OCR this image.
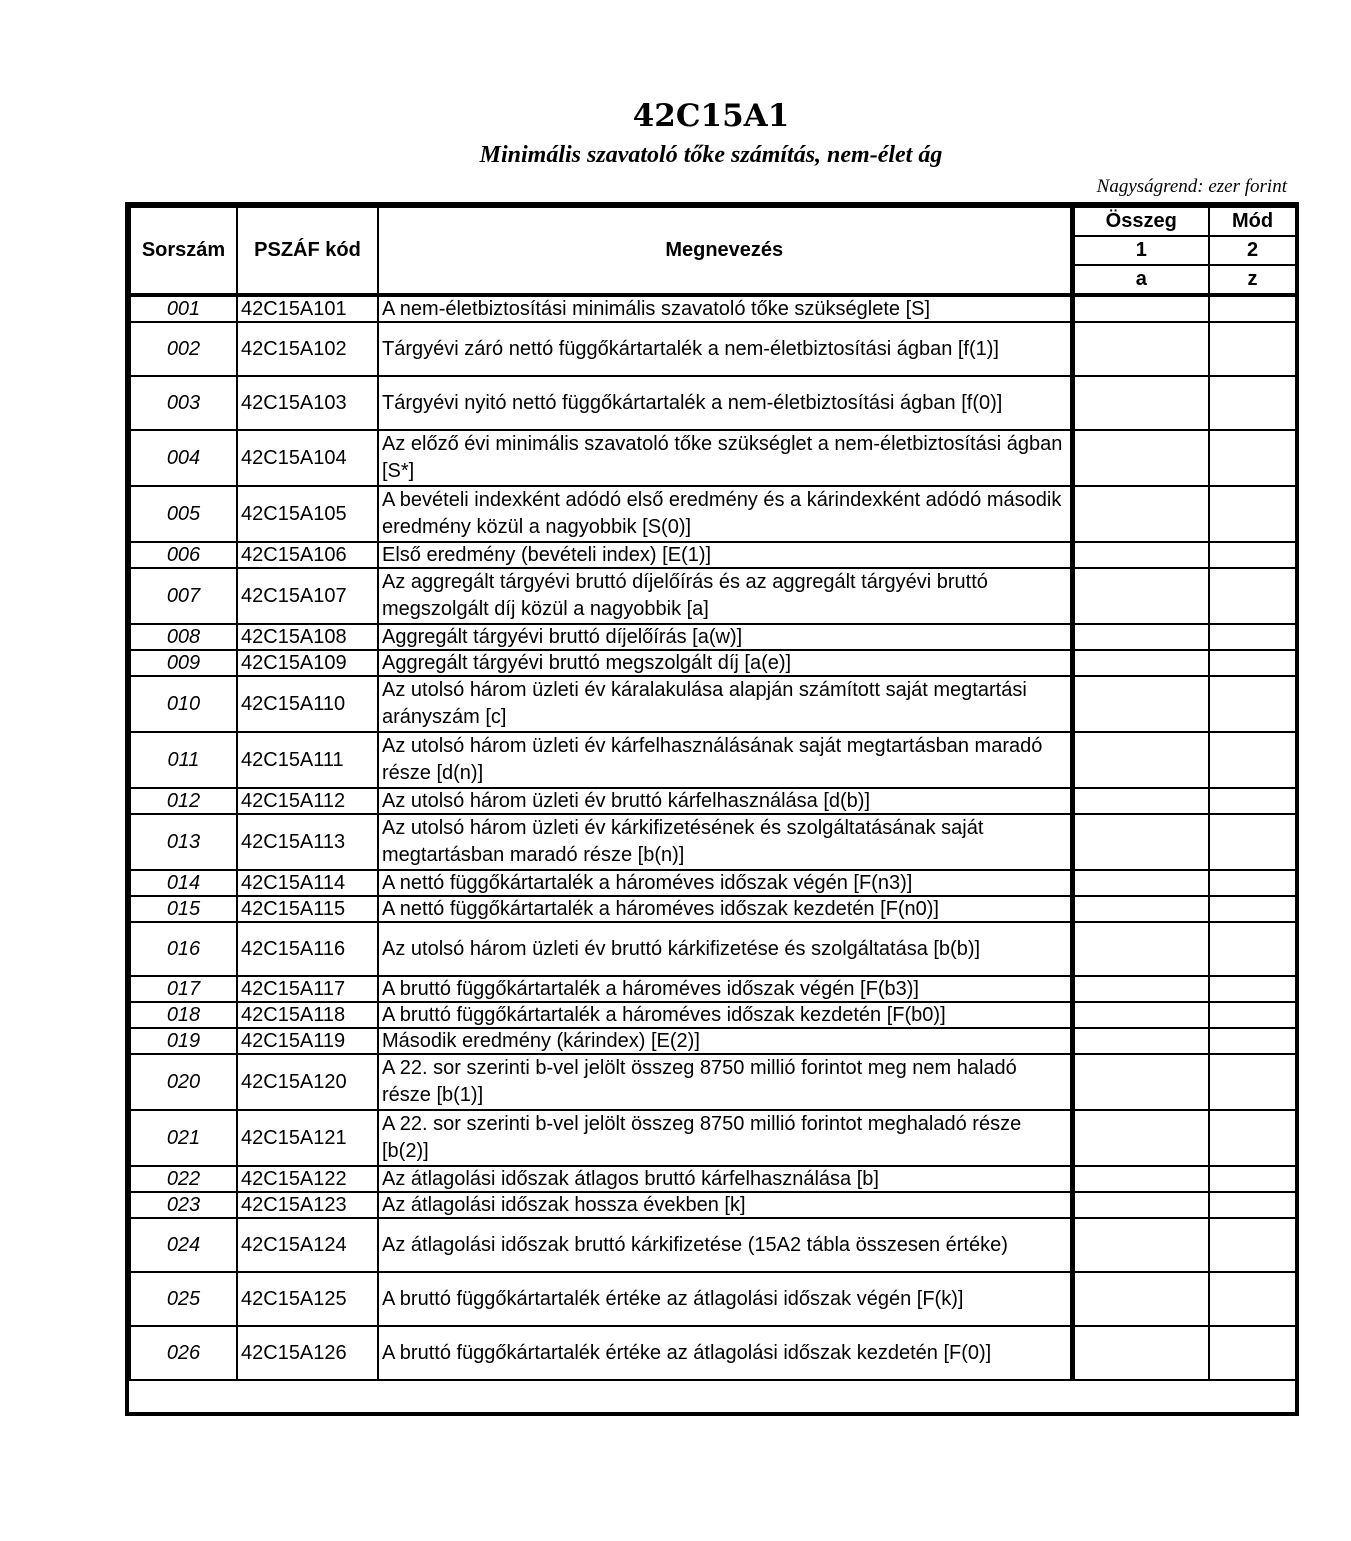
42C15A1
Minimális szavatoló tőke számítás, nem-élet ág
Nagyságrend: ezer forint
Sorszám	PSZÁF kód	Megnevezés	Összeg	Mód
			1	2
			a	z
001	42C15A101	A nem-életbiztosítási minimális szavatoló tőke szükséglete [S]		
002	42C15A102	Tárgyévi záró nettó függőkártartalék a nem-életbiztosítási ágban [f(1)]		
003	42C15A103	Tárgyévi nyitó nettó függőkártartalék a nem-életbiztosítási ágban [f(0)]		
004	42C15A104	Az előző évi minimális szavatoló tőke szükséglet a nem-életbiztosítási ágban [S*]		
005	42C15A105	A bevételi indexként adódó első eredmény és a kárindexként adódó második eredmény közül a nagyobbik [S(0)]		
006	42C15A106	Első eredmény (bevételi index) [E(1)]		
007	42C15A107	Az aggregált tárgyévi bruttó díjelőírás és az aggregált tárgyévi bruttó megszolgált díj közül a nagyobbik [a]		
008	42C15A108	Aggregált tárgyévi bruttó díjelőírás [a(w)]		
009	42C15A109	Aggregált tárgyévi bruttó megszolgált díj [a(e)]		
010	42C15A110	Az utolsó három üzleti év káralakulása alapján számított saját megtartási arányszám [c]		
011	42C15A111	Az utolsó három üzleti év kárfelhasználásának saját megtartásban maradó része [d(n)]		
012	42C15A112	Az utolsó három üzleti év bruttó kárfelhasználása [d(b)]		
013	42C15A113	Az utolsó három üzleti év kárkifizetésének és szolgáltatásának saját megtartásban maradó része [b(n)]		
014	42C15A114	A nettó függőkártartalék a hároméves időszak végén [F(n3)]		
015	42C15A115	A nettó függőkártartalék a hároméves időszak kezdetén [F(n0)]		
016	42C15A116	Az utolsó három üzleti év bruttó kárkifizetése és szolgáltatása [b(b)]		
017	42C15A117	A bruttó függőkártartalék a hároméves időszak végén [F(b3)]		
018	42C15A118	A bruttó függőkártartalék a hároméves időszak kezdetén [F(b0)]		
019	42C15A119	Második eredmény (kárindex) [E(2)]		
020	42C15A120	A 22. sor szerinti b-vel jelölt összeg 8750 millió forintot meg nem haladó része [b(1)]		
021	42C15A121	A 22. sor szerinti b-vel jelölt összeg 8750 millió forintot meghaladó része [b(2)]		
022	42C15A122	Az átlagolási időszak átlagos bruttó kárfelhasználása [b]		
023	42C15A123	Az átlagolási időszak hossza években [k]		
024	42C15A124	Az átlagolási időszak bruttó kárkifizetése (15A2 tábla összesen értéke)		
025	42C15A125	A bruttó függőkártartalék értéke az átlagolási időszak végén [F(k)]		
026	42C15A126	A bruttó függőkártartalék értéke az átlagolási időszak kezdetén [F(0)]		
